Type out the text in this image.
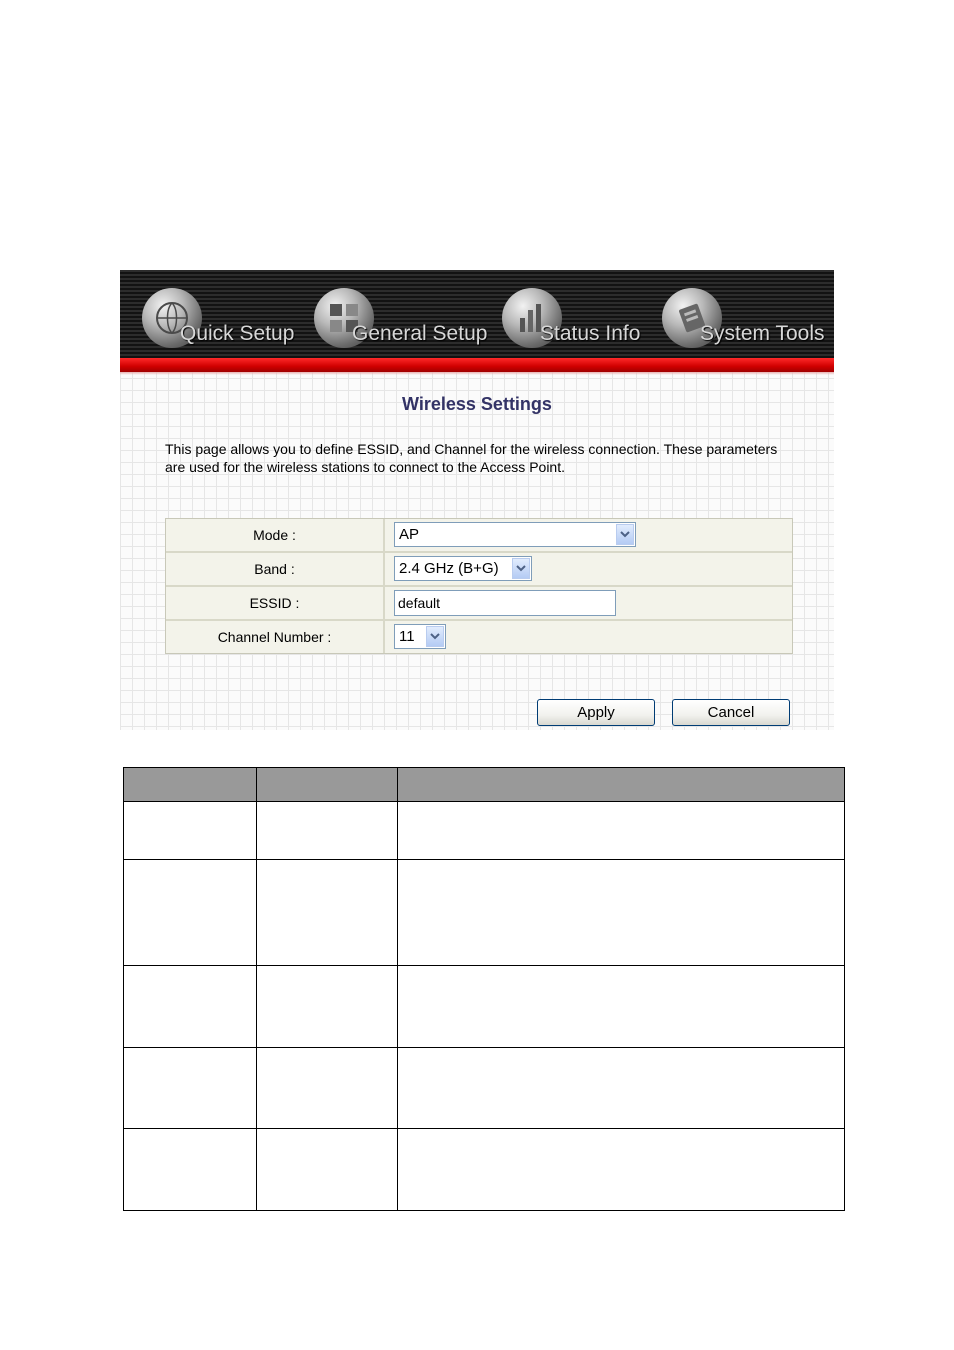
Quick Setup	General Setup	Status Info	System Tools
Wireless Settings
This page allows you to define ESSID, and Channel for the wireless connection. These parameters are used for the wireless stations to connect to the Access Point.
Mode :	AP
Band :	2.4 GHz (B+G)
ESSID :
default
Channel Number :	11
Apply	Cancel
